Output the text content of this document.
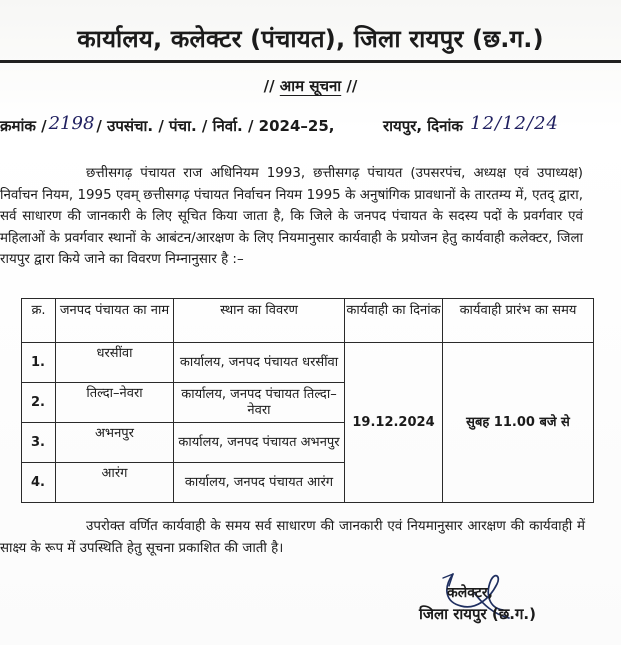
कार्यालय, कलेक्टर (पंचायत), जिला रायपुर (छ.ग.)
// आम सूचना //
क्रमांक / 2198 / उपसंचा. / पंचा. / निर्वा. / 2024–25,	रायपुर, दिनांक 12/12/24

छत्तीसगढ़ पंचायत राज अधिनियम 1993, छत्तीसगढ़ पंचायत (उपसरपंच, अध्यक्ष एवं उपाध्यक्ष) निर्वाचन नियम, 1995 एवम् छत्तीसगढ़ पंचायत निर्वाचन नियम 1995 के अनुषांगिक प्रावधानों के तारतम्य में, एतद् द्वारा, सर्व साधारण की जानकारी के लिए सूचित किया जाता है, कि जिले के जनपद पंचायत के सदस्य पदों के प्रवर्गवार एवं महिलाओं के प्रवर्गवार स्थानों के आबंटन/आरक्षण के लिए नियमानुसार कार्यवाही के प्रयोजन हेतु कार्यवाही कलेक्टर, जिला रायपुर द्वारा किये जाने का विवरण निम्नानुसार है :–

क्र.	जनपद पंचायत का नाम	स्थान का विवरण	कार्यवाही का दिनांक	कार्यवाही प्रारंभ का समय
1.	धरसींवा	कार्यालय, जनपद पंचायत धरसींवा	19.12.2024	सुबह 11.00 बजे से
2.	तिल्दा–नेवरा	कार्यालय, जनपद पंचायत तिल्दा–नेवरा		
3.	अभनपुर	कार्यालय, जनपद पंचायत अभनपुर		
4.	आरंग	कार्यालय, जनपद पंचायत आरंग		

उपरोक्त वर्णित कार्यवाही के समय सर्व साधारण की जानकारी एवं नियमानुसार आरक्षण की कार्यवाही में साक्ष्य के रूप में उपस्थिति हेतु सूचना प्रकाशित की जाती है।

कलेक्टर,
जिला रायपुर (छ.ग.)
